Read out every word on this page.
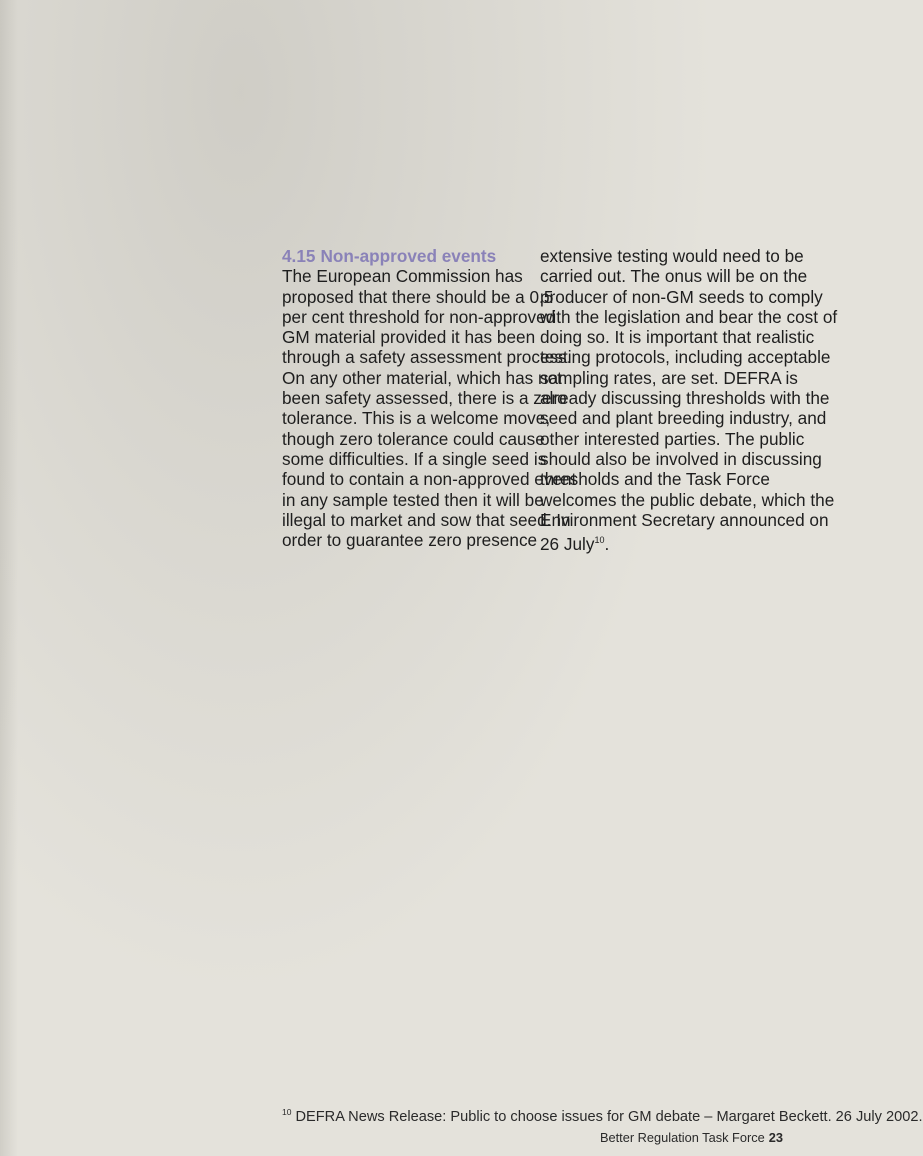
4.15 Non-approved events
The European Commission has
proposed that there should be a 0.5
per cent threshold for non-approved
GM material provided it has been
through a safety assessment process.
On any other material, which has not
been safety assessed, there is a zero
tolerance. This is a welcome move,
though zero tolerance could cause
some difficulties. If a single seed is
found to contain a non-approved event
in any sample tested then it will be
illegal to market and sow that seed. In
order to guarantee zero presence
extensive testing would need to be
carried out. The onus will be on the
producer of non-GM seeds to comply
with the legislation and bear the cost of
doing so. It is important that realistic
testing protocols, including acceptable
sampling rates, are set. DEFRA is
already discussing thresholds with the
seed and plant breeding industry, and
other interested parties. The public
should also be involved in discussing
thresholds and the Task Force
welcomes the public debate, which the
Environment Secretary announced on
26 July$^{10}$.
$^{10}$ DEFRA News Release: Public to choose issues for GM debate – Margaret Beckett. 26 July 2002.
Better Regulation Task Force 23
